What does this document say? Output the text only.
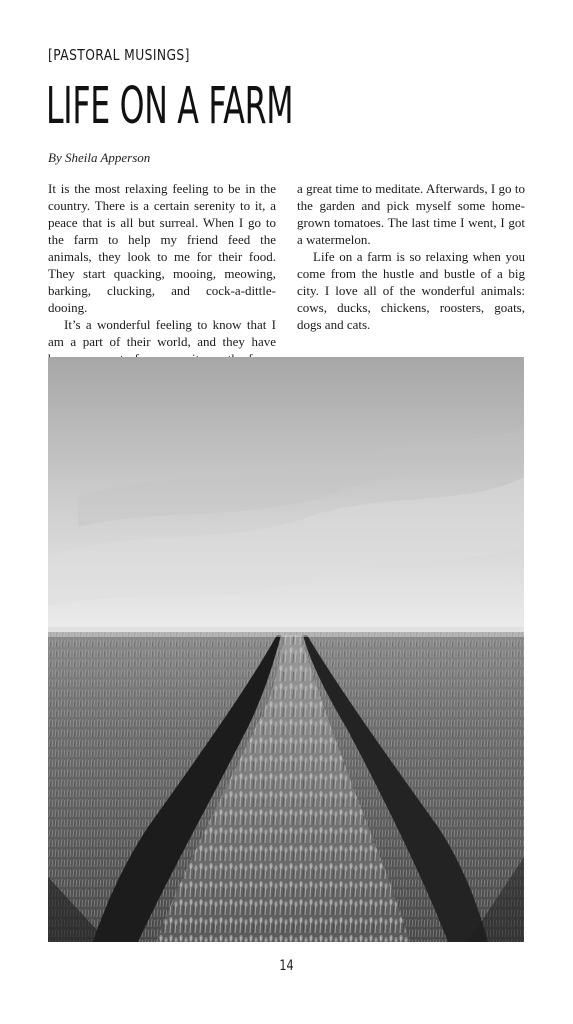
[PASTORAL MUSINGS]
LIFE ON A FARM
By Sheila Apperson

It is the most relaxing feeling to be in the country. There is a certain serenity to it, a peace that is all but surreal. When I go to the farm to help my friend feed the animals, they look to me for their food. They start quacking, mooing, meowing, barking, clucking, and cock-a-dittle-dooing.

It’s a wonderful feeling to know that I am a part of their world, and they have

a great time to meditate. Afterwards, I go to the garden and pick myself some home-grown tomatoes. The last time I went, I got a watermelon.

Life on a farm is so relaxing when you come from the hustle and bustle of a big city. I love all of the wonderful animals: cows, ducks, chickens, roosters, goats, dogs and cats.

14
